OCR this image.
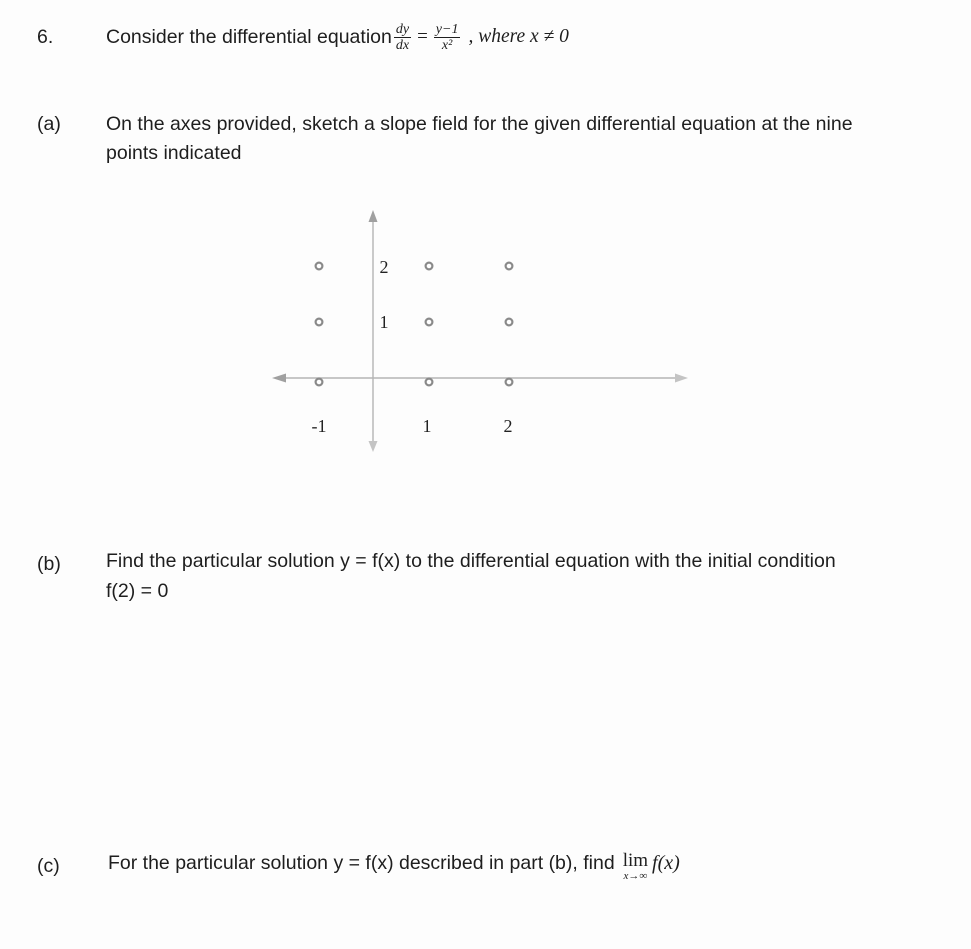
6.	Consider the differential equation $\frac{dy}{dx} = \frac{y-1}{\text{x²}}$ , where x ≠ 0
(a) On the axes provided, sketch a slope field for the given differential equation at the nine
points indicated
-1	1	2
1
2
(b) Find the particular solution y = f(x) to the differential equation with the initial condition
f(2) = 0
(c) For the particular solution y = f(x) described in part (b), find lim
x→∞
f(x)
